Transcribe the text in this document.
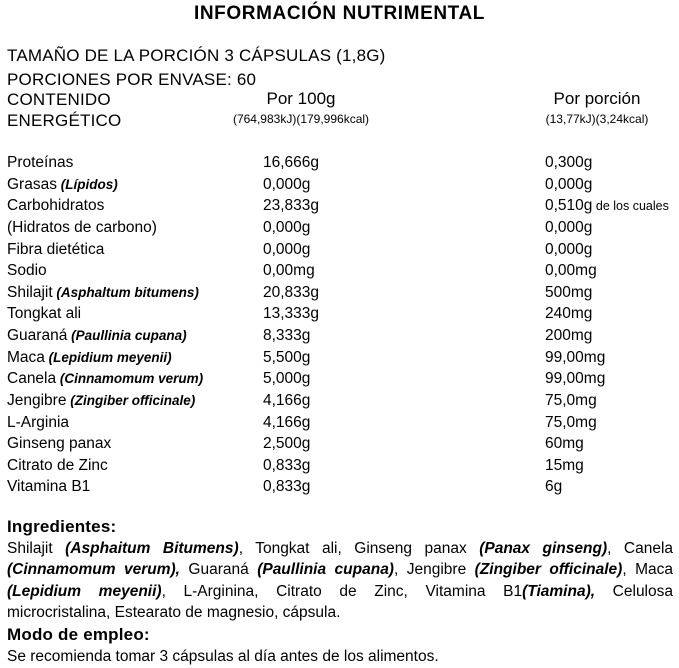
INFORMACIÓN NUTRIMENTAL
TAMAÑO DE LA PORCIÓN 3 CÁPSULAS (1,8G)
PORCIONES POR ENVASE: 60
CONTENIDO
ENERGÉTICO
Por 100g
(764,983kJ)(179,996kcal)
Por porción
(13,77kJ)(3,24kcal)
Proteínas	16,666g	0,300g
Grasas (Lípidos)	0,000g	0,000g
Carbohidratos	23,833g	0,510g de los cuales
(Hidratos de carbono)	0,000g	0,000g
Fibra dietética	0,000g	0,000g
Sodio	0,00mg	0,00mg
Shilajit (Asphaltum bitumens)	20,833g	500mg
Tongkat ali	13,333g	240mg
Guaraná (Paullinia cupana)	8,333g	200mg
Maca (Lepidium meyenii)	5,500g	99,00mg
Canela (Cinnamomum verum)	5,000g	99,00mg
Jengibre (Zingiber officinale)	4,166g	75,0mg
L-Arginia	4,166g	75,0mg
Ginseng panax	2,500g	60mg
Citrato de Zinc	0,833g	15mg
Vitamina B1	0,833g	6g
Ingredientes:
Shilajit (Asphaitum Bitumens), Tongkat ali, Ginseng panax (Panax ginseng), Canela (Cinnamomum verum), Guaraná (Paullinia cupana), Jengibre (Zingiber officinale), Maca (Lepidium meyenii), L-Arginina, Citrato de Zinc, Vitamina B1(Tiamina), Celulosa microcristalina, Estearato de magnesio, cápsula.
Modo de empleo:
Se recomienda tomar 3 cápsulas al día antes de los alimentos.
